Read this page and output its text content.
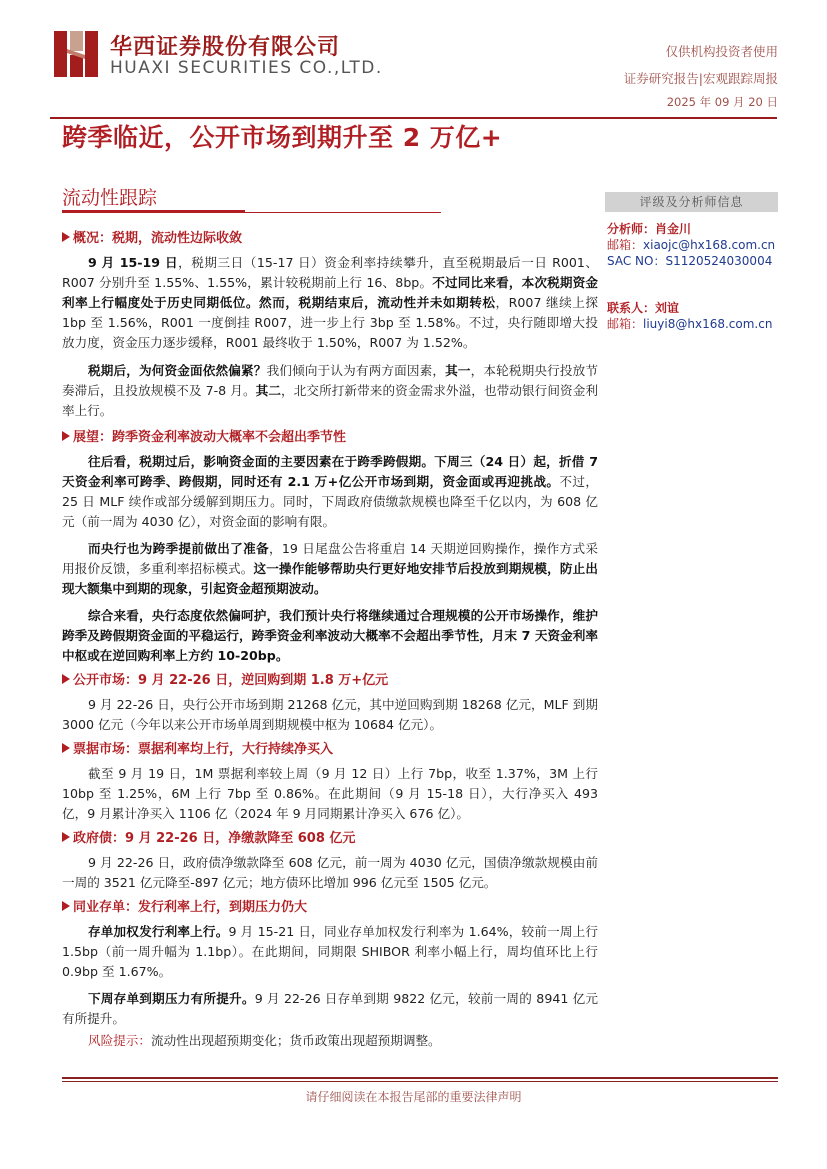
华西证券股份有限公司
HUAXI SECURITIES CO.,LTD.
仅供机构投资者使用
证券研究报告|宏观跟踪周报
2025 年 09 月 20 日
跨季临近，公开市场到期升至 2 万亿+
流动性跟踪	评级及分析师信息
分析师：肖金川
邮箱：xiaojc@hx168.com.cn
SAC NO：S1120524030004
联系人：刘谊
邮箱：liuyi8@hx168.com.cn

概况：税期，流动性边际收敛

9 月 15-19 日，税期三日（15-17 日）资金利率持续攀升，直至税期最后一日 R001、R007 分别升至 1.55%、1.55%，累计较税期前上行 16、8bp。不过同比来看，本次税期资金利率上行幅度处于历史同期低位。然而，税期结束后，流动性并未如期转松，R007 继续上探 1bp 至 1.56%，R001 一度倒挂 R007，进一步上行 3bp 至 1.58%。不过，央行随即增大投放力度，资金压力逐步缓释，R001 最终收于 1.50%，R007 为 1.52%。

税期后，为何资金面依然偏紧？我们倾向于认为有两方面因素，其一，本轮税期央行投放节奏滞后，且投放规模不及 7-8 月。其二，北交所打新带来的资金需求外溢，也带动银行间资金利率上行。

展望：跨季资金利率波动大概率不会超出季节性

往后看，税期过后，影响资金面的主要因素在于跨季跨假期。下周三（24 日）起，折借 7 天资金利率可跨季、跨假期，同时还有 2.1 万+亿公开市场到期，资金面或再迎挑战。不过，25 日 MLF 续作或部分缓解到期压力。同时，下周政府债缴款规模也降至千亿以内，为 608 亿元（前一周为 4030 亿），对资金面的影响有限。

而央行也为跨季提前做出了准备，19 日尾盘公告将重启 14 天期逆回购操作，操作方式采用报价反馈，多重利率招标模式。这一操作能够帮助央行更好地安排节后投放到期规模，防止出现大额集中到期的现象，引起资金超预期波动。

综合来看，央行态度依然偏呵护，我们预计央行将继续通过合理规模的公开市场操作，维护跨季及跨假期资金面的平稳运行，跨季资金利率波动大概率不会超出季节性，月末 7 天资金利率中枢或在逆回购利率上方约 10-20bp。

公开市场：9 月 22-26 日，逆回购到期 1.8 万+亿元

9 月 22-26 日，央行公开市场到期 21268 亿元，其中逆回购到期 18268 亿元，MLF 到期 3000 亿元（今年以来公开市场单周到期规模中枢为 10684 亿元）。

票据市场：票据利率均上行，大行持续净买入

截至 9 月 19 日，1M 票据利率较上周（9 月 12 日）上行 7bp，收至 1.37%，3M 上行 10bp 至 1.25%，6M 上行 7bp 至 0.86%。在此期间（9 月 15-18 日），大行净买入 493 亿，9 月累计净买入 1106 亿（2024 年 9 月同期累计净买入 676 亿）。

政府债：9 月 22-26 日，净缴款降至 608 亿元

9 月 22-26 日，政府债净缴款降至 608 亿元，前一周为 4030 亿元，国债净缴款规模由前一周的 3521 亿元降至-897 亿元；地方债环比增加 996 亿元至 1505 亿元。

同业存单：发行利率上行，到期压力仍大

存单加权发行利率上行。9 月 15-21 日，同业存单加权发行利率为 1.64%，较前一周上行 1.5bp（前一周升幅为 1.1bp）。在此期间，同期限 SHIBOR 利率小幅上行，周均值环比上行 0.9bp 至 1.67%。

下周存单到期压力有所提升。9 月 22-26 日存单到期 9822 亿元，较前一周的 8941 亿元有所提升。

风险提示：流动性出现超预期变化；货币政策出现超预期调整。

请仔细阅读在本报告尾部的重要法律声明
